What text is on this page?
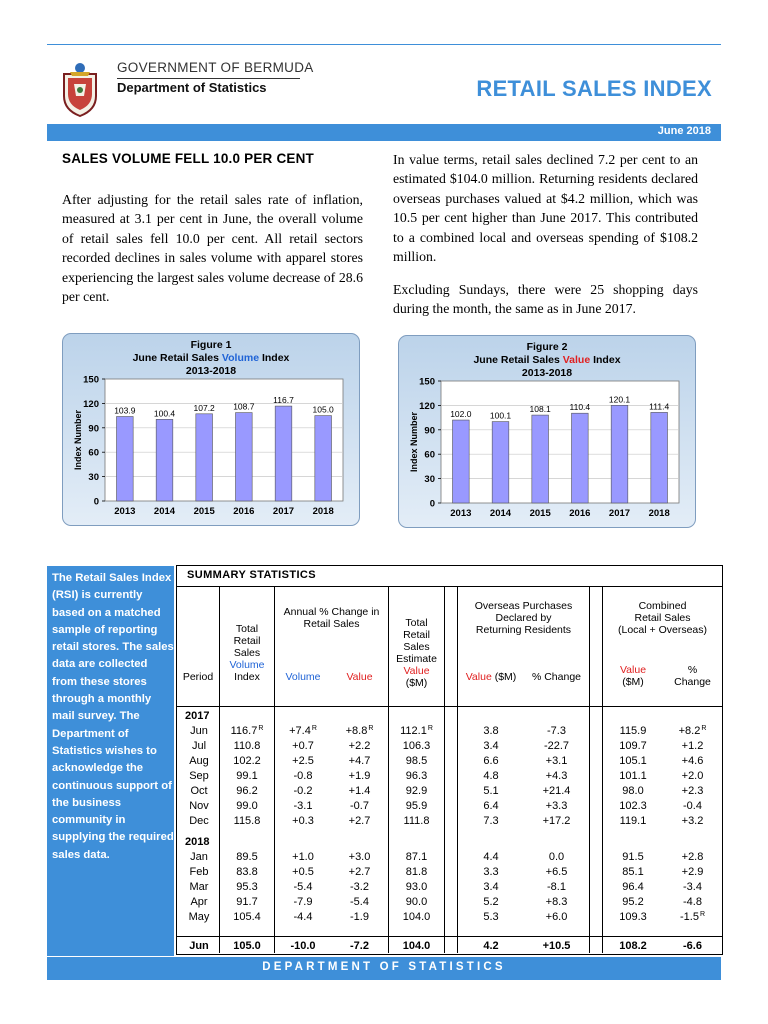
GOVERNMENT OF BERMUDA
Department of Statistics	RETAIL SALES INDEX
June 2018
SALES VOLUME FELL 10.0 PER CENT

After adjusting for the retail sales rate of inflation, measured at 3.1 per cent in June, the overall volume of retail sales fell 10.0 per cent. All retail sectors recorded declines in sales volume with apparel stores experiencing the largest sales volume decrease of 28.6 per cent.

In value terms, retail sales declined 7.2 per cent to an estimated $104.0 million. Returning residents declared overseas purchases valued at $4.2 million, which was 10.5 per cent higher than June 2017. This contributed to a combined local and overseas spending of $108.2 million.

Excluding Sundays, there were 25 shopping days during the month, the same as in June 2017.

Figure 1
June Retail Sales Volume Index
2013-2018
0
30
60
90
120
150
Index Number	103.9
2013
100.4
2014
107.2
2015
108.7
2016
116.7
2017
105.0
2018
Figure 2
June Retail Sales Value Index
2013-2018
0
30
60
90
120
150
Index Number	102.0
2013
100.1
2014
108.1
2015
110.4
2016
120.1
2017
111.4
2018

The Retail Sales Index (RSI) is currently based on a matched sample of reporting retail stores. The sales data are collected from these stores through a monthly mail survey. The Department of Statistics wishes to acknowledge the continuous support of the business community in supplying the required sales data.

SUMMARY STATISTICS
Period
Total
Retail
Sales
Volume
Index
Annual % Change in
Retail Sales
Volume	Value
Total
Retail
Sales
Estimate
Value
($M)
Overseas Purchases
Declared by
Returning Residents
Value ($M)	% Change
Combined
Retail Sales
(Local + Overseas)
Value
($M)
%
Change
2017
2018
Jun	$116.7^R$	$+7.4^R$	$+8.8^R$	$112.1^R$	3.8	-7.3	115.9	$+8.2^R$
Jul	110.8	+0.7	+2.2	106.3	3.4	-22.7	109.7	+1.2
Aug	102.2	+2.5	+4.7	98.5	6.6	+3.1	105.1	+4.6
Sep	99.1	-0.8	+1.9	96.3	4.8	+4.3	101.1	+2.0
Oct	96.2	-0.2	+1.4	92.9	5.1	+21.4	98.0	+2.3
Nov	99.0	-3.1	-0.7	95.9	6.4	+3.3	102.3	-0.4
Dec	115.8	+0.3	+2.7	111.8	7.3	+17.2	119.1	+3.2
Jan	89.5	+1.0	+3.0	87.1	4.4	0.0	91.5	+2.8
Feb	83.8	+0.5	+2.7	81.8	3.3	+6.5	85.1	+2.9
Mar	95.3	-5.4	-3.2	93.0	3.4	-8.1	96.4	-3.4
Apr	91.7	-7.9	-5.4	90.0	5.2	+8.3	95.2	-4.8
May	105.4	-4.4	-1.9	104.0	5.3	+6.0	109.3	$-1.5^R$
Jun	105.0	-10.0	-7.2	104.0	4.2	+10.5	108.2	-6.6
DEPARTMENT OF STATISTICS
